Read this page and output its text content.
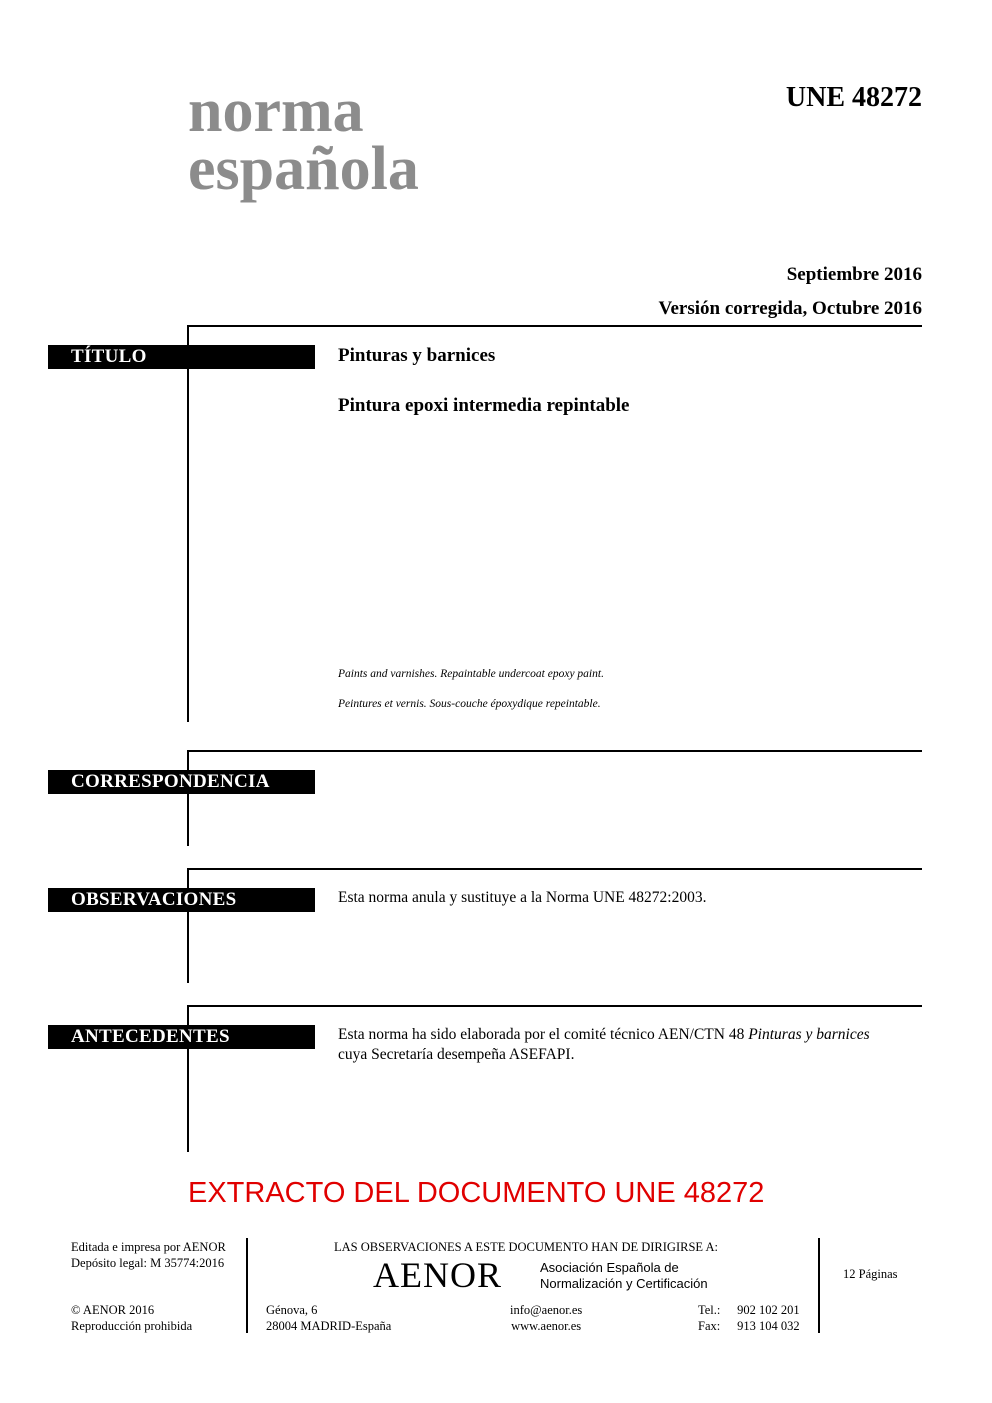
norma
española
UNE 48272
Septiembre 2016
Versión corregida, Octubre 2016
TÍTULO	Pinturas y barnices
Pintura epoxi intermedia repintable
Paints and varnishes. Repaintable undercoat epoxy paint.
Peintures et vernis. Sous-couche époxydique repeintable.
CORRESPONDENCIA
OBSERVACIONES	Esta norma anula y sustituye a la Norma UNE 48272:2003.
ANTECEDENTES	Esta norma ha sido elaborada por el comité técnico AEN/CTN 48 Pinturas y barnices
cuya Secretaría desempeña ASEFAPI.
EXTRACTO DEL DOCUMENTO UNE 48272
Editada e impresa por AENOR
Depósito legal: M 35774:2016
© AENOR 2016
Reproducción prohibida
LAS OBSERVACIONES A ESTE DOCUMENTO HAN DE DIRIGIRSE A:
AENOR	Asociación Española de
Normalización y Certificación
Génova, 6
28004 MADRID-España
info@aenor.es
www.aenor.es
Tel.: 902 102 201
Fax: 913 104 032
12 Páginas
